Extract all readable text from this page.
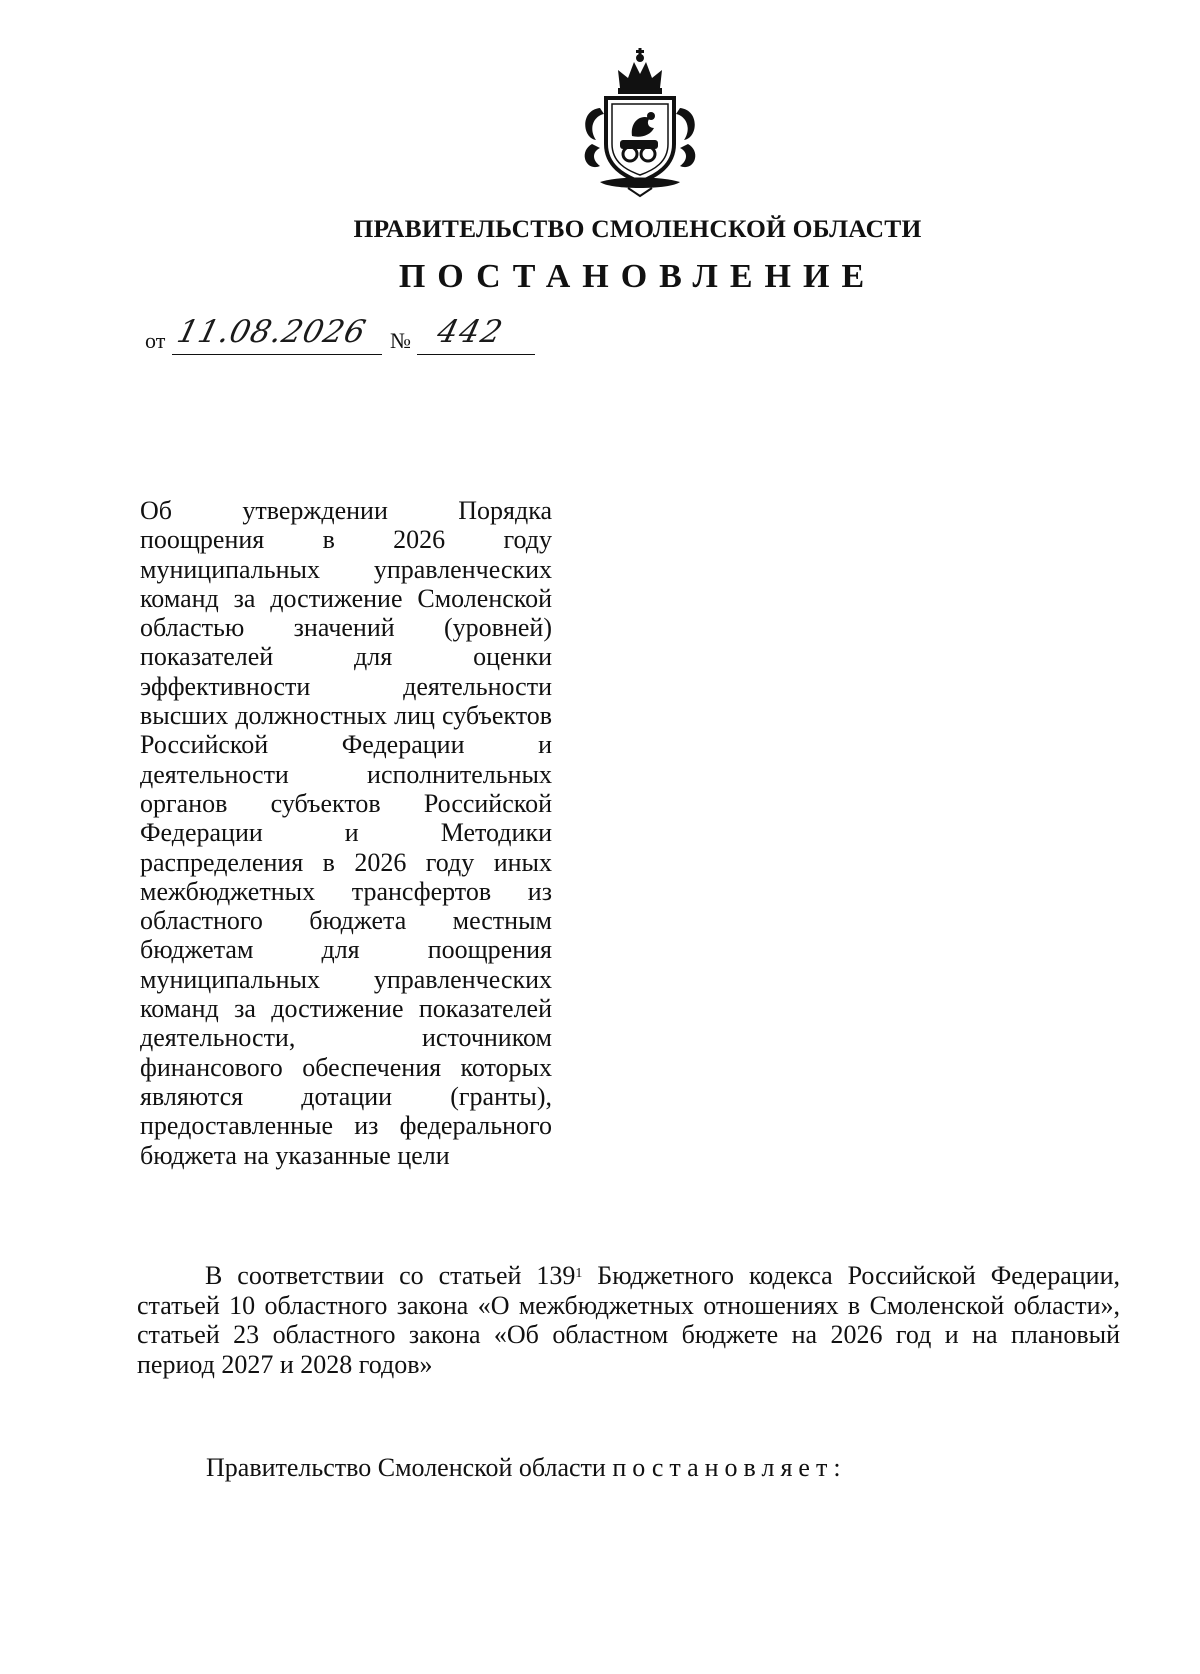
ПРАВИТЕЛЬСТВО СМОЛЕНСКОЙ ОБЛАСТИ
ПОСТАНОВЛЕНИЕ
от 11.08.2026 № 442

Об утверждении Порядка поощрения в 2026 году муниципальных управленческих команд за достижение Смоленской областью значений (уровней) показателей для оценки эффективности деятельности высших должностных лиц субъектов Российской Федерации и деятельности исполнительных органов субъектов Российской Федерации и Методики распределения в 2026 году иных межбюджетных трансфертов из областного бюджета местным бюджетам для поощрения муниципальных управленческих команд за достижение показателей деятельности, источником финансового обеспечения которых являются дотации (гранты), предоставленные из федерального бюджета на указанные цели

В соответствии со статьей $139^1$ Бюджетного кодекса Российской Федерации, статьей 10 областного закона «О межбюджетных отношениях в Смоленской области», статьей 23 областного закона «Об областном бюджете на 2026 год и на плановый период 2027 и 2028 годов»

Правительство Смоленской области постановляет:
